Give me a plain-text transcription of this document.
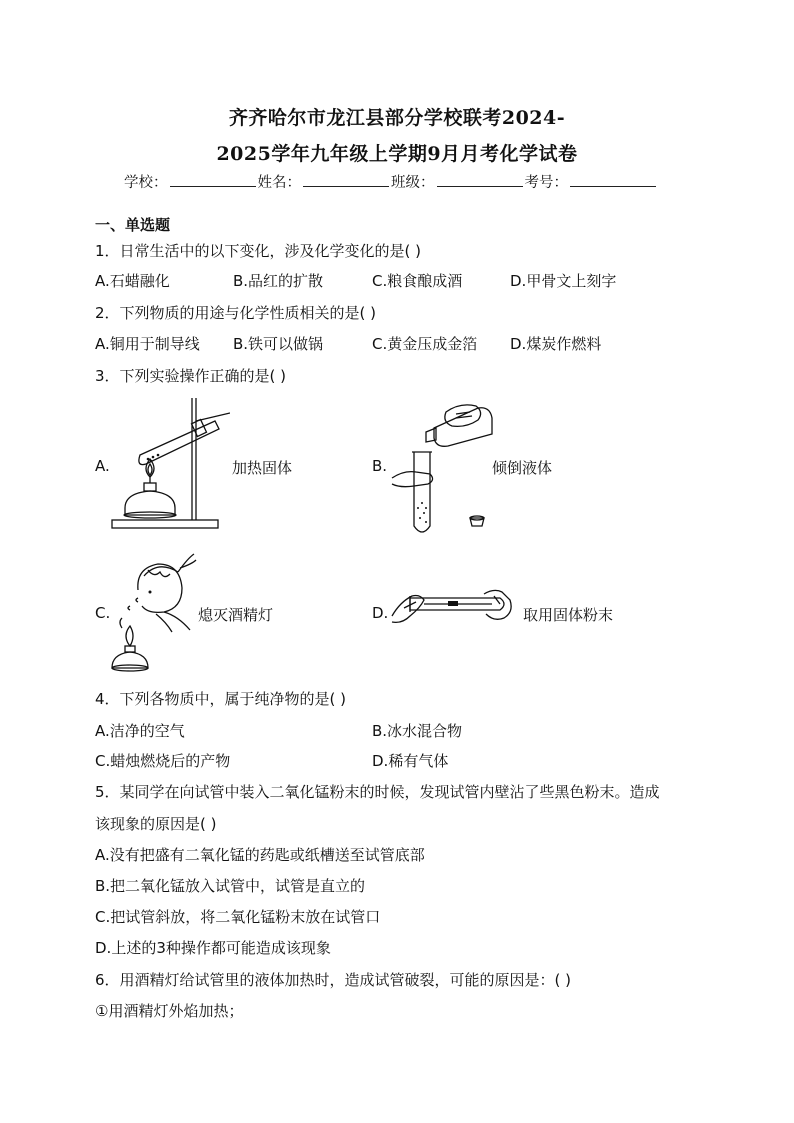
齐齐哈尔市龙江县部分学校联考2024-
2025学年九年级上学期9月月考化学试卷
学校：	姓名：	班级：	考号：
一、单选题
1．日常生活中的以下变化，涉及化学变化的是( )
A.石蜡融化	B.品红的扩散	C.粮食酿成酒	D.甲骨文上刻字
2．下列物质的用途与化学性质相关的是( )
A.铜用于制导线 B.铁可以做锅	C.黄金压成金箔 D.煤炭作燃料
3．下列实验操作正确的是( )
A.	加热固体	B.	倾倒液体
C.	熄灭酒精灯	D.	取用固体粉末
4．下列各物质中，属于纯净物的是( )
A.洁净的空气	B.冰水混合物
C.蜡烛燃烧后的产物	D.稀有气体
5．某同学在向试管中装入二氧化锰粉末的时候，发现试管内壁沾了些黑色粉末。造成
该现象的原因是( )
A.没有把盛有二氧化锰的药匙或纸槽送至试管底部
B.把二氧化锰放入试管中，试管是直立的
C.把试管斜放，将二氧化锰粉末放在试管口
D.上述的3种操作都可能造成该现象
6．用酒精灯给试管里的液体加热时，造成试管破裂，可能的原因是：( )
①用酒精灯外焰加热；
